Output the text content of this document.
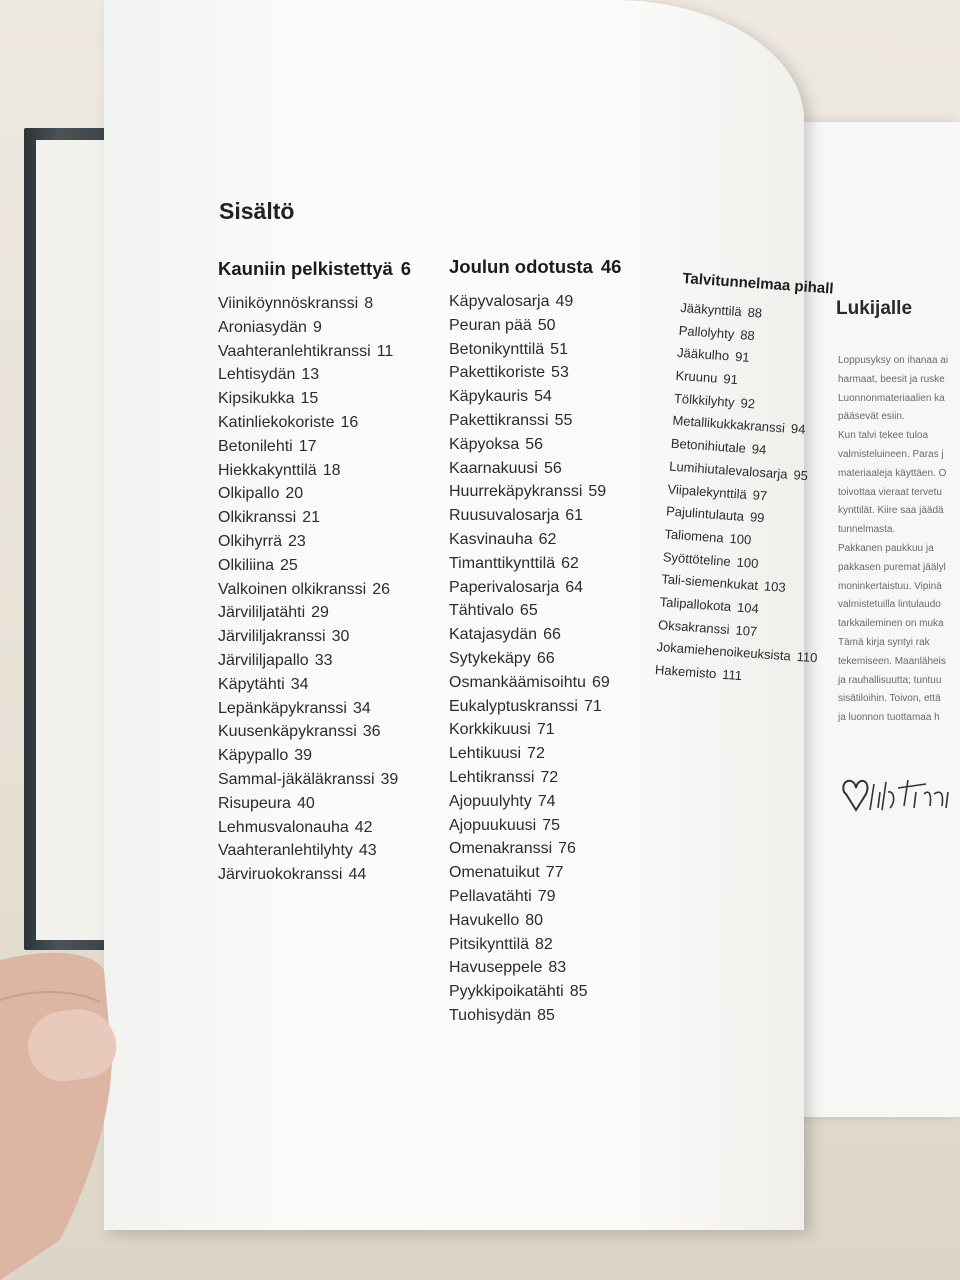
Lukijalle
Loppusyksy on ihanaa ai
harmaat, beesit ja ruske
Luonnonmateriaalien ka
pääsevät esiin.
Kun talvi tekee tuloa
valmisteluineen. Paras j
materiaaleja käyttäen. O
toivottaa vieraat tervetu
kynttilät. Kiire saa jäädä
tunnelmasta.
Pakkanen paukkuu ja
pakkasen puremat jäälyl
moninkertaistuu. Vipinä
valmistetuilla lintulaudo
tarkkaileminen on muka
Tämä kirja syntyi rak
tekemiseen. Maanläheis
ja rauhallisuutta; tuntuu
sisätiloihin. Toivon, että
ja luonnon tuottamaa h
Sisältö
Kauniin pelkistettyä 6
Viiniköynnöskranssi 8
Aroniasydän 9
Vaahteranlehtikranssi 11
Lehtisydän 13
Kipsikukka 15
Katinliekokoriste 16
Betonilehti 17
Hiekkakynttilä 18
Olkipallo 20
Olkikranssi 21
Olkihyrrä 23
Olkiliina 25
Valkoinen olkikranssi 26
Järvililjatähti 29
Järvililjakranssi 30
Järvililjapallo 33
Käpytähti 34
Lepänkäpykranssi 34
Kuusenkäpykranssi 36
Käpypallo 39
Sammal-jäkäläkranssi 39
Risupeura 40
Lehmusvalonauha 42
Vaahteranlehtilyhty 43
Järviruokokranssi 44
Joulun odotusta 46
Käpyvalosarja 49
Peuran pää 50
Betonikynttilä 51
Pakettikoriste 53
Käpykauris 54
Pakettikranssi 55
Käpyoksa 56
Kaarnakuusi 56
Huurrekäpykranssi 59
Ruusuvalosarja 61
Kasvinauha 62
Timanttikynttilä 62
Paperivalosarja 64
Tähtivalo 65
Katajasydän 66
Sytykekäpy 66
Osmankäämisoihtu 69
Eukalyptuskranssi 71
Korkkikuusi 71
Lehtikuusi 72
Lehtikranssi 72
Ajopuulyhty 74
Ajopuukuusi 75
Omenakranssi 76
Omenatuikut 77
Pellavatähti 79
Havukello 80
Pitsikynttilä 82
Havuseppele 83
Pyykkipoikatähti 85
Tuohisydän 85
Talvitunnelmaa pihall
Jääkynttilä 88
Pallolyhty 88
Jääkulho 91
Kruunu 91
Tölkkilyhty 92
Metallikukkakranssi 94
Betonihiutale 94
Lumihiutalevalosarja 95
Viipalekynttilä 97
Pajulintulauta 99
Taliomena 100
Syöttöteline 100
Tali-siemenkukat 103
Talipallokota 104
Oksakranssi 107
Jokamiehenoikeuksista 110
Hakemisto 111
